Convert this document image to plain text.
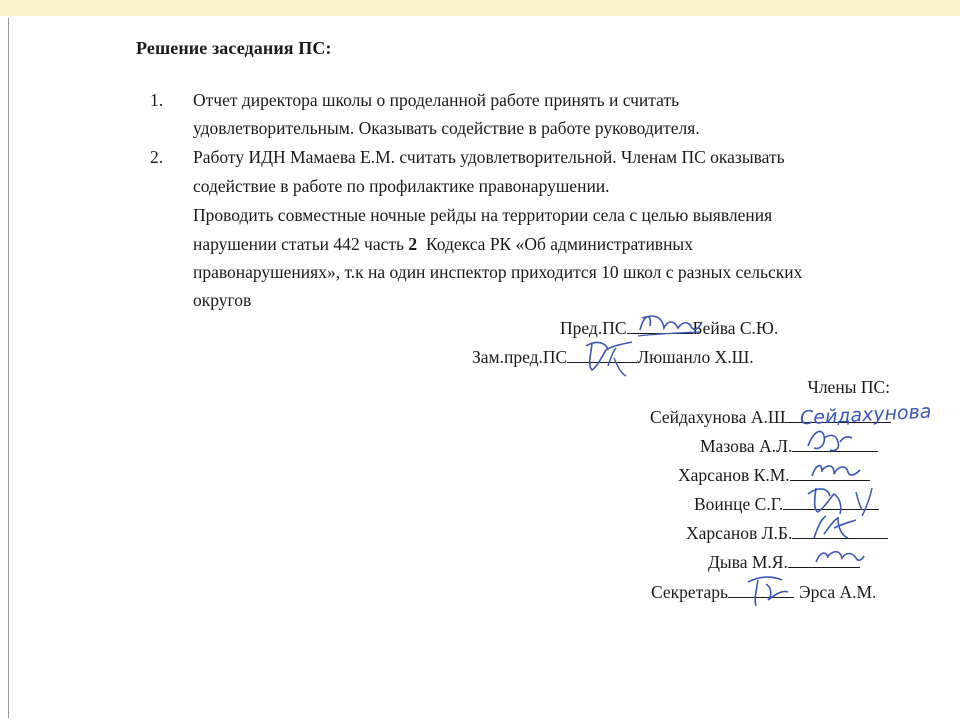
Решение заседания ПС:
1. Отчет директора школы о проделанной работе принять и считать
удовлетворительным. Оказывать содействие в работе руководителя.
2. Работу ИДН Мамаева Е.М. считать удовлетворительной. Членам ПС оказывать
содействие в работе по профилактике правонарушении.
Проводить совместные ночные рейды на территории села с целью выявления
нарушении статьи 442 часть 2  Кодекса РК «Об административных
правонарушениях», т.к на один инспектор приходится 10 школ с разных сельских
округов
Пред.ПС	Бейва С.Ю.
Зам.пред.ПС	Люшанло Х.Ш.
Члены ПС:
Сейдахунова А.Ш Сейдахунова
Мазова А.Л.
Харсанов К.М.
Воинце С.Г.
Харсанов Л.Б.
Дыва М.Я.
Секретарь	Эрса А.М.
